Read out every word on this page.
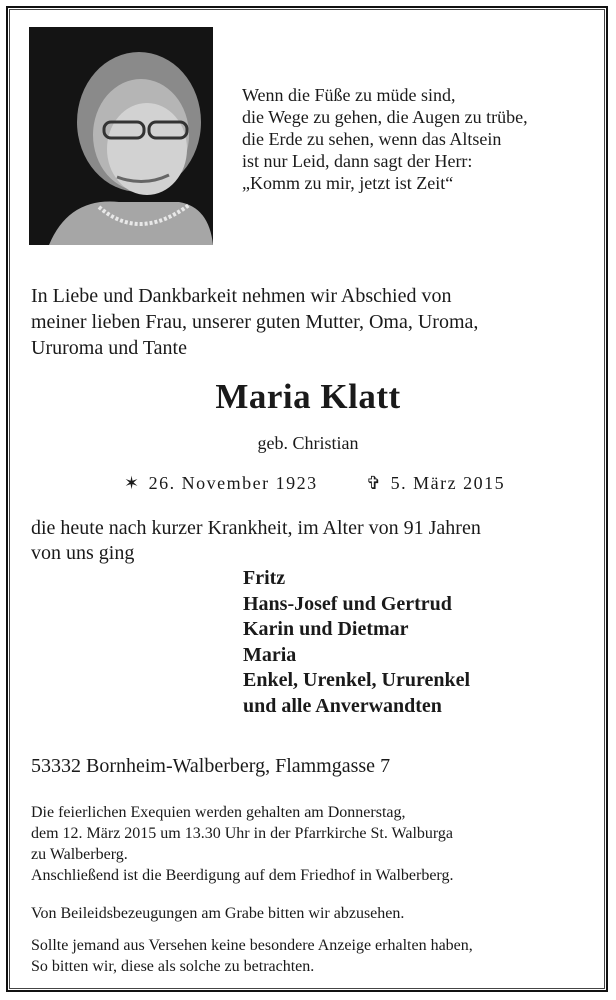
Wenn die Füße zu müde sind,
die Wege zu gehen, die Augen zu trübe,
die Erde zu sehen, wenn das Altsein
ist nur Leid, dann sagt der Herr:
„Komm zu mir, jetzt ist Zeit“
In Liebe und Dankbarkeit nehmen wir Abschied von
meiner lieben Frau, unserer guten Mutter, Oma, Uroma,
Ururoma und Tante
Maria Klatt
geb. Christian
✶ 26. November 1923	✞ 5. März 2015
die heute nach kurzer Krankheit, im Alter von 91 Jahren
von uns ging
Fritz
Hans-Josef und Gertrud
Karin und Dietmar
Maria
Enkel, Urenkel, Ururenkel
und alle Anverwandten
53332 Bornheim-Walberberg, Flammgasse 7
Die feierlichen Exequien werden gehalten am Donnerstag,
dem 12. März 2015 um 13.30 Uhr in der Pfarrkirche St. Walburga
zu Walberberg.
Anschließend ist die Beerdigung auf dem Friedhof in Walberberg.
Von Beileidsbezeugungen am Grabe bitten wir abzusehen.
Sollte jemand aus Versehen keine besondere Anzeige erhalten haben,
So bitten wir, diese als solche zu betrachten.
